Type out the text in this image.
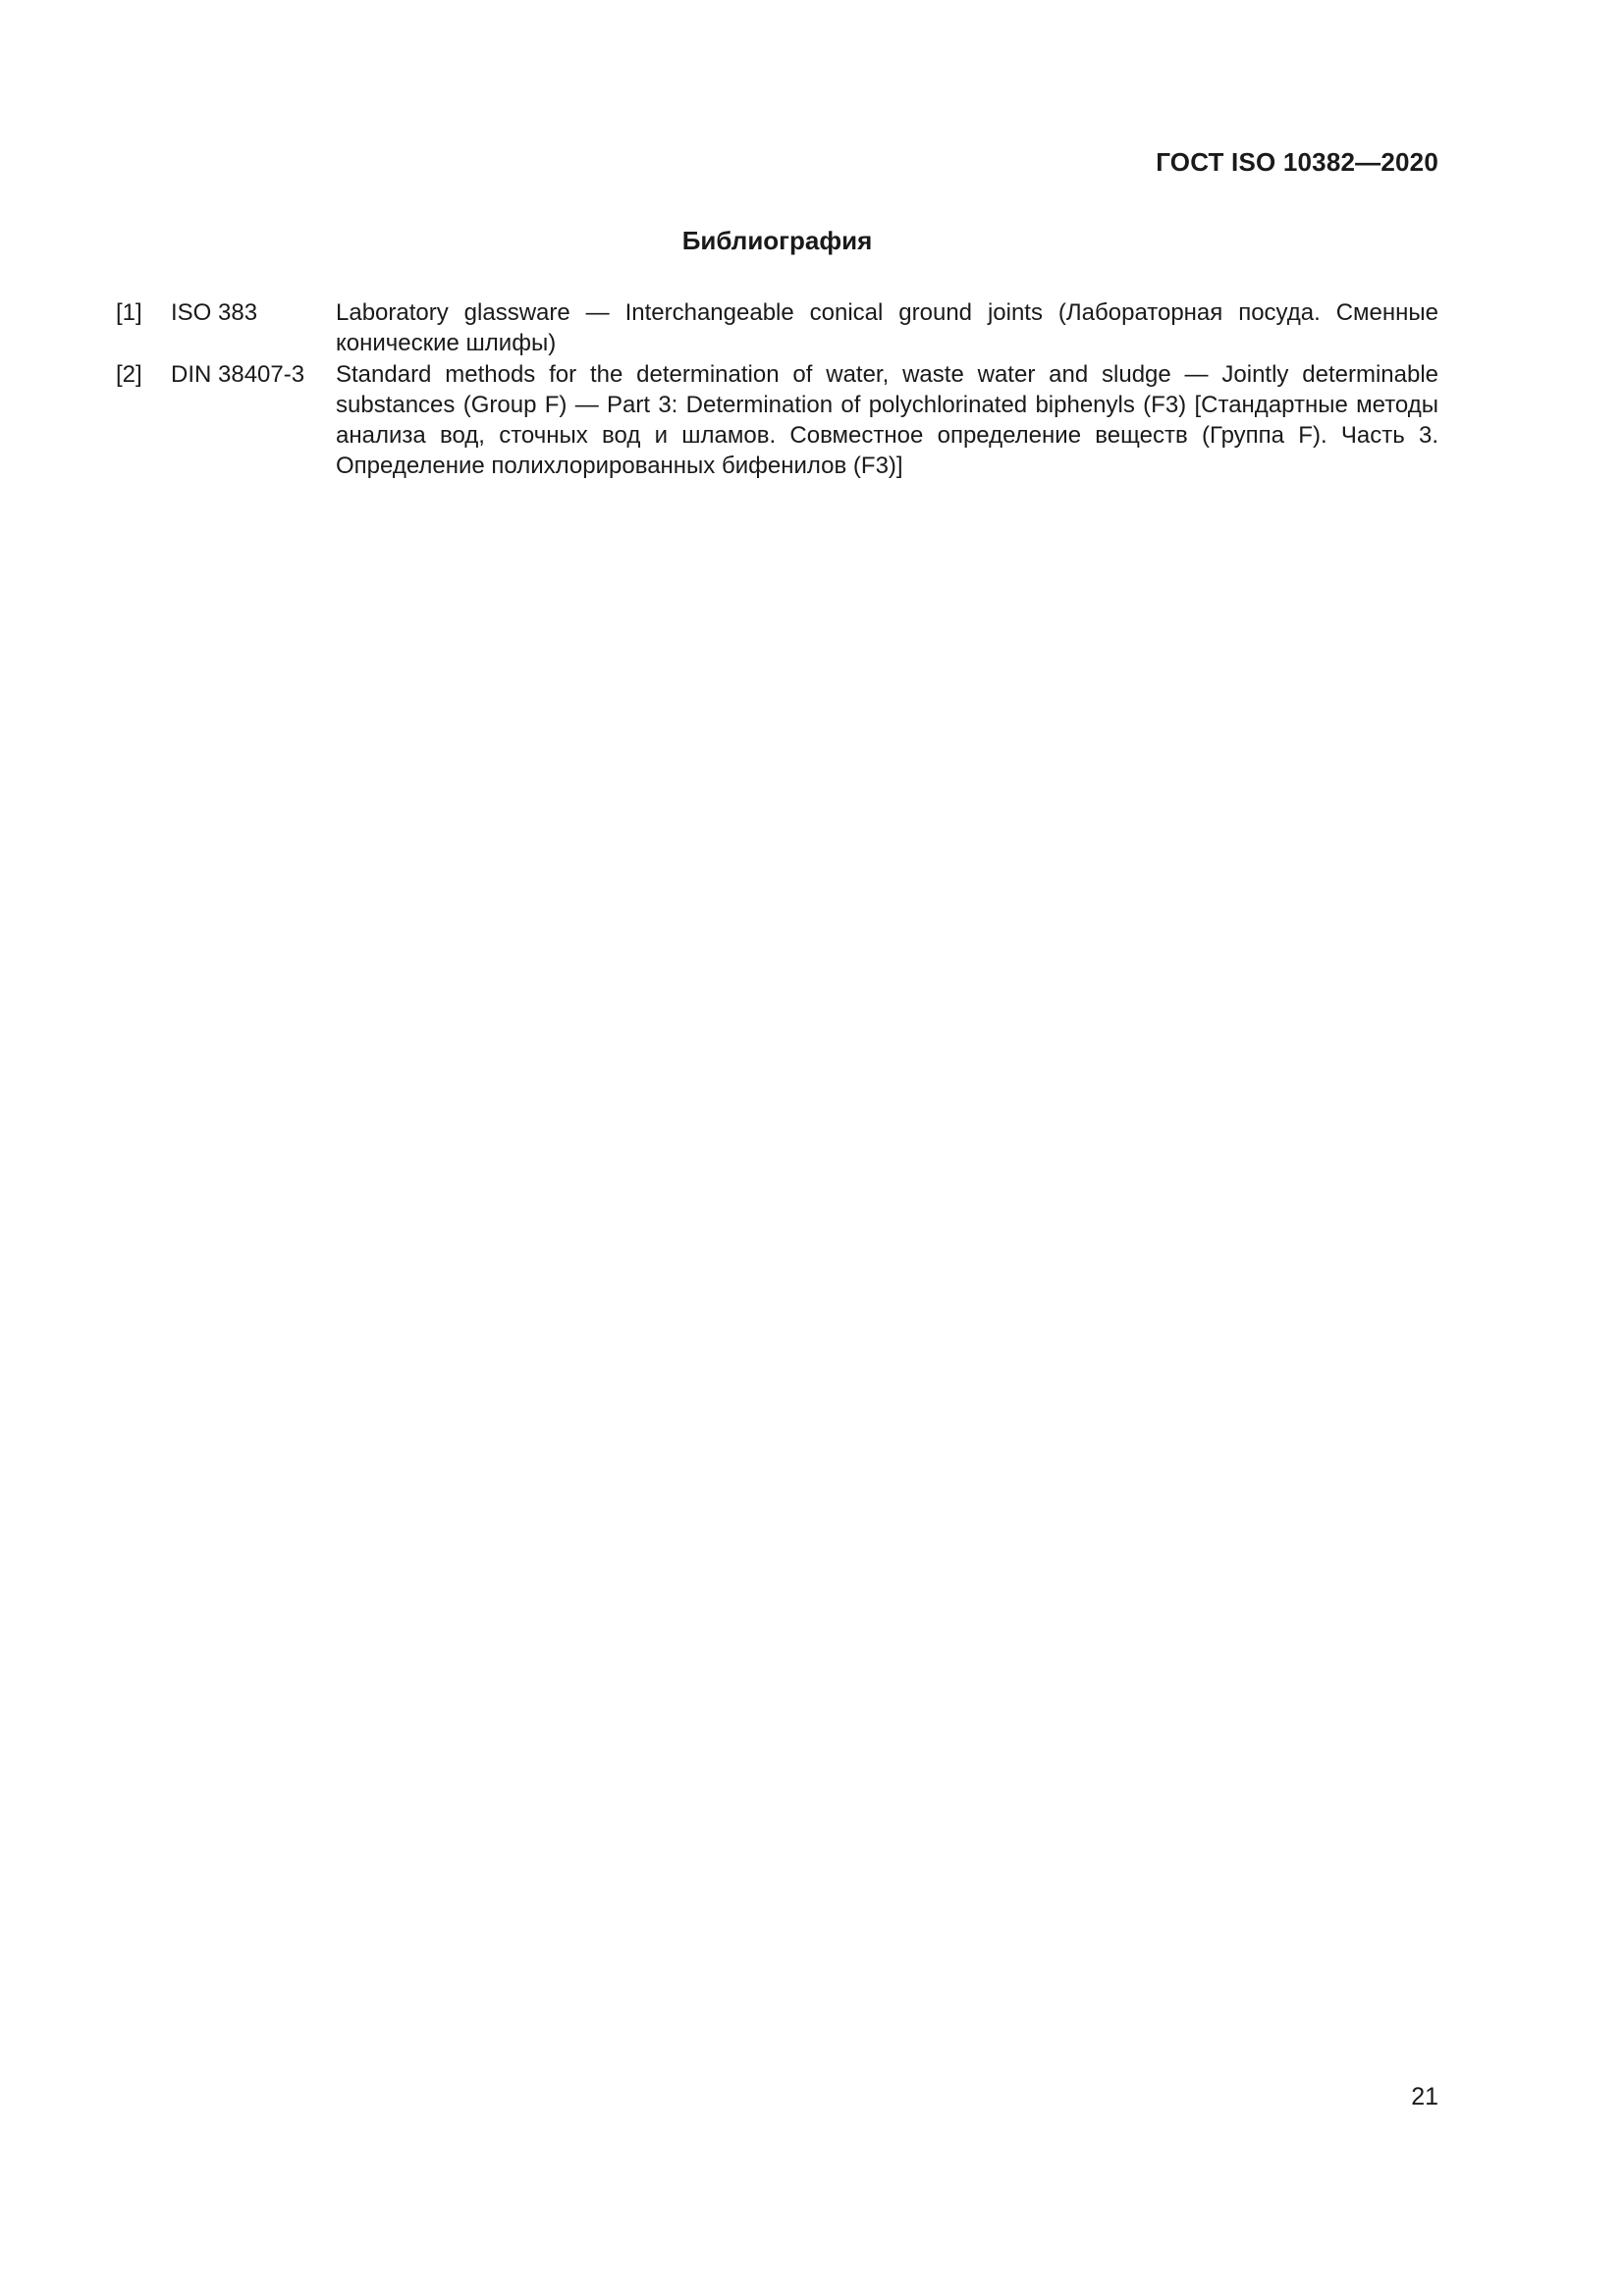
ГОСТ ISO 10382—2020
Библиография
[1]	ISO 383	Laboratory glassware — Interchangeable conical ground joints (Лабораторная посуда. Сменные конические шлифы)
[2]	DIN 38407-3	Standard methods for the determination of water, waste water and sludge — Jointly determinable substances (Group F) — Part 3: Determination of polychlorinated biphenyls (F3) [Стандартные методы анализа вод, сточных вод и шламов. Совместное определение веществ (Группа F). Часть 3. Определение полихлорированных бифенилов (F3)]
21
